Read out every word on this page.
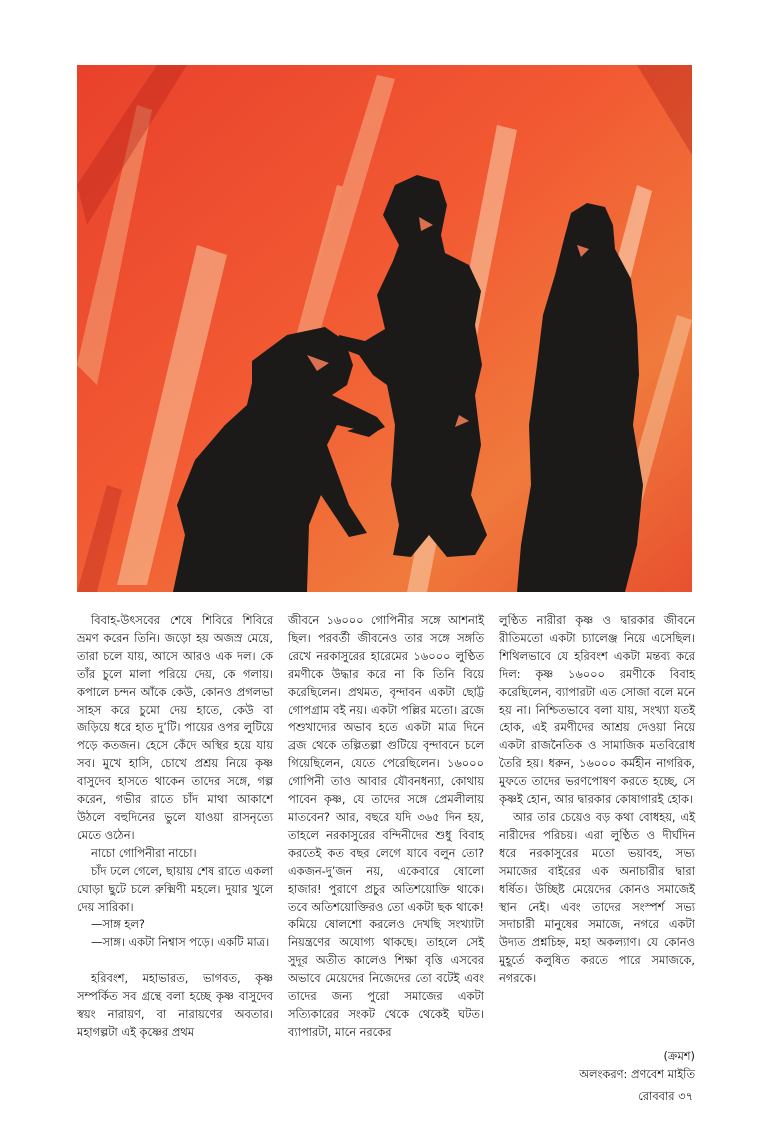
বিবাহ-উৎসবের শেষে শিবিরে শিবিরে ভ্রমণ করেন তিনি। জড়ো হয় অজস্র মেয়ে, তারা চলে যায়, আসে আরও এক দল। কে তাঁর চুলে মালা পরিয়ে দেয়, কে গলায়। কপালে চন্দন আঁকে কেউ, কোনও প্রগলভা সাহস করে চুমো দেয় হাতে, কেউ বা জড়িয়ে ধরে হাত দু’টি। পায়ের ওপর লুটিয়ে পড়ে কতজন। হেসে কেঁদে অস্থির হয়ে যায় সব। মুখে হাসি, চোখে প্রশ্রয় নিয়ে কৃষ্ণ বাসুদেব হাসতে থাকেন তাদের সঙ্গে, গল্প করেন, গভীর রাতে চাঁদ মাথা আকাশে উঠলে বহুদিনের ভুলে যাওয়া রাসনৃত্যে মেতে ওঠেন।

নাচো গোপিনীরা নাচো।

চাঁদ ঢলে গেলে, ছায়ায় শেষ রাতে একলা ঘোড়া ছুটে চলে রুক্মিণী মহলে। দুয়ার খুলে দেয় সারিকা।

—সাঙ্গ হল?

—সাঙ্গ। একটা নিশ্বাস পড়ে। একটি মাত্র।

হরিবংশ, মহাভারত, ভাগবত, কৃষ্ণ সম্পর্কিত সব গ্রন্থে বলা হচ্ছে কৃষ্ণ বাসুদেব স্বয়ং নারায়ণ, বা নারায়ণের অবতার। মহাগল্পটা এই কৃষ্ণের প্রথম

জীবনে ১৬০০০ গোপিনীর সঙ্গে আশনাই ছিল। পরবর্তী জীবনেও তার সঙ্গে সঙ্গতি রেখে নরকাসুরের হারেমের ১৬০০০ লুণ্ঠিত রমণীকে উদ্ধার করে না কি তিনি বিয়ে করেছিলেন। প্রথমত, বৃন্দাবন একটা ছোট্ট গোপগ্রাম বই নয়। একটা পল্লির মতো। ব্রজে পশুখাদ্যের অভাব হতে একটা মাত্র দিনে ব্রজ থেকে তল্পিতল্পা গুটিয়ে বৃন্দাবনে চলে গিয়েছিলেন, যেতে পেরেছিলেন। ১৬০০০ গোপিনী তাও আবার যৌবনধন্যা, কোথায় পাবেন কৃষ্ণ, যে তাদের সঙ্গে প্রেমলীলায় মাতবেন? আর, বছরে যদি ৩৬৫ দিন হয়, তাহলে নরকাসুরের বন্দিনীদের শুধু বিবাহ করতেই কত বছর লেগে যাবে বলুন তো? একজন-দু’জন নয়, একেবারে ষোলো হাজার! পুরাণে প্রচুর অতিশয়োক্তি থাকে। তবে অতিশয়োক্তিরও তো একটা ছক থাকে! কমিয়ে ষোলশো করলেও দেখছি সংখ্যাটা নিয়ন্ত্রণের অযোগ্য থাকছে। তাহলে সেই সুদূর অতীত কালেও শিক্ষা বৃত্তি এসবের অভাবে মেয়েদের নিজেদের তো বটেই এবং তাদের জন্য পুরো সমাজের একটা সত্যিকারের সংকট থেকে থেকেই ঘটত। ব্যাপারটা, মানে নরকের

লুণ্ঠিত নারীরা কৃষ্ণ ও দ্বারকার জীবনে রীতিমতো একটা চ্যালেঞ্জ নিয়ে এসেছিল। শিথিলভাবে যে হরিবংশ একটা মন্তব্য করে দিল: কৃষ্ণ ১৬০০০ রমণীকে বিবাহ করেছিলেন, ব্যাপারটা এত সোজা বলে মনে হয় না। নিশ্চিতভাবে বলা যায়, সংখ্যা যতই হোক, এই রমণীদের আশ্রয় দেওয়া নিয়ে একটা রাজনৈতিক ও সামাজিক মতবিরোধ তৈরি হয়। ধরুন, ১৬০০০ কর্মহীন নাগরিক, মুফতে তাদের ভরণপোষণ করতে হচ্ছে, সে কৃষ্ণই হোন, আর দ্বারকার কোষাগারই হোক।

আর তার চেয়েও বড় কথা বোধহয়, এই নারীদের পরিচয়। এরা লুণ্ঠিত ও দীর্ঘদিন ধরে নরকাসুরের মতো ভয়াবহ, সভ্য সমাজের বাইরের এক অনাচারীর দ্বারা ধর্ষিত। উচ্ছিষ্ট মেয়েদের কোনও সমাজেই স্থান নেই। এবং তাদের সংস্পর্শ সভ্য সদাচারী মানুষের সমাজে, নগরে একটা উদ্যত প্রশ্নচিহ্ন, মহা অকল্যাণ। যে কোনও মুহূর্তে কলুষিত করতে পারে সমাজকে, নগরকে।

(ক্রমশ)
অলংকরণ: প্রণবেশ মাইতি
রোববার ৩৭
